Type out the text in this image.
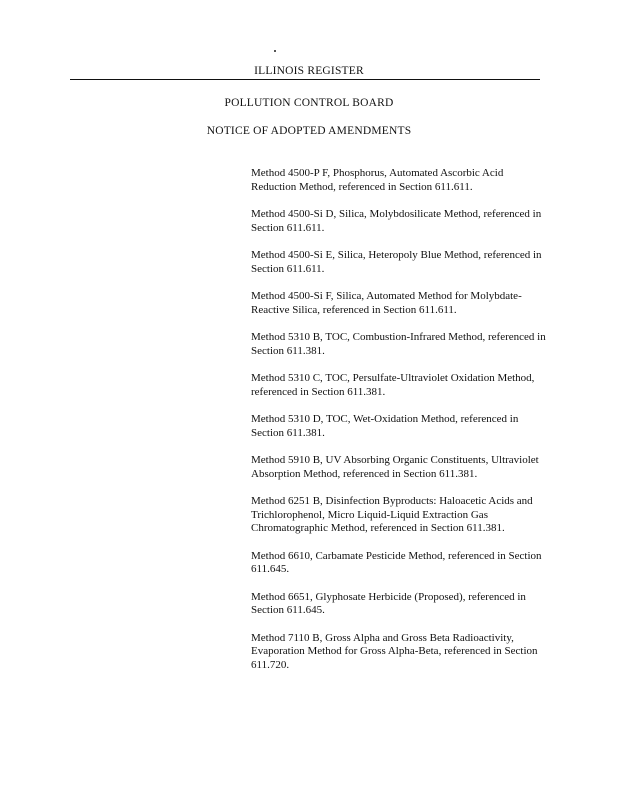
ILLINOIS REGISTER
POLLUTION CONTROL BOARD
NOTICE OF ADOPTED AMENDMENTS
Method 4500-P F, Phosphorus, Automated Ascorbic Acid Reduction Method, referenced in Section 611.611.
Method 4500-Si D, Silica, Molybdosilicate Method, referenced in Section 611.611.
Method 4500-Si E, Silica, Heteropoly Blue Method, referenced in Section 611.611.
Method 4500-Si F, Silica, Automated Method for Molybdate-Reactive Silica, referenced in Section 611.611.
Method 5310 B, TOC, Combustion-Infrared Method, referenced in Section 611.381.
Method 5310 C, TOC, Persulfate-Ultraviolet Oxidation Method, referenced in Section 611.381.
Method 5310 D, TOC, Wet-Oxidation Method, referenced in Section 611.381.
Method 5910 B, UV Absorbing Organic Constituents, Ultraviolet Absorption Method, referenced in Section 611.381.
Method 6251 B, Disinfection Byproducts: Haloacetic Acids and Trichlorophenol, Micro Liquid-Liquid Extraction Gas Chromatographic Method, referenced in Section 611.381.
Method 6610, Carbamate Pesticide Method, referenced in Section 611.645.
Method 6651, Glyphosate Herbicide (Proposed), referenced in Section 611.645.
Method 7110 B, Gross Alpha and Gross Beta Radioactivity, Evaporation Method for Gross Alpha-Beta, referenced in Section 611.720.
